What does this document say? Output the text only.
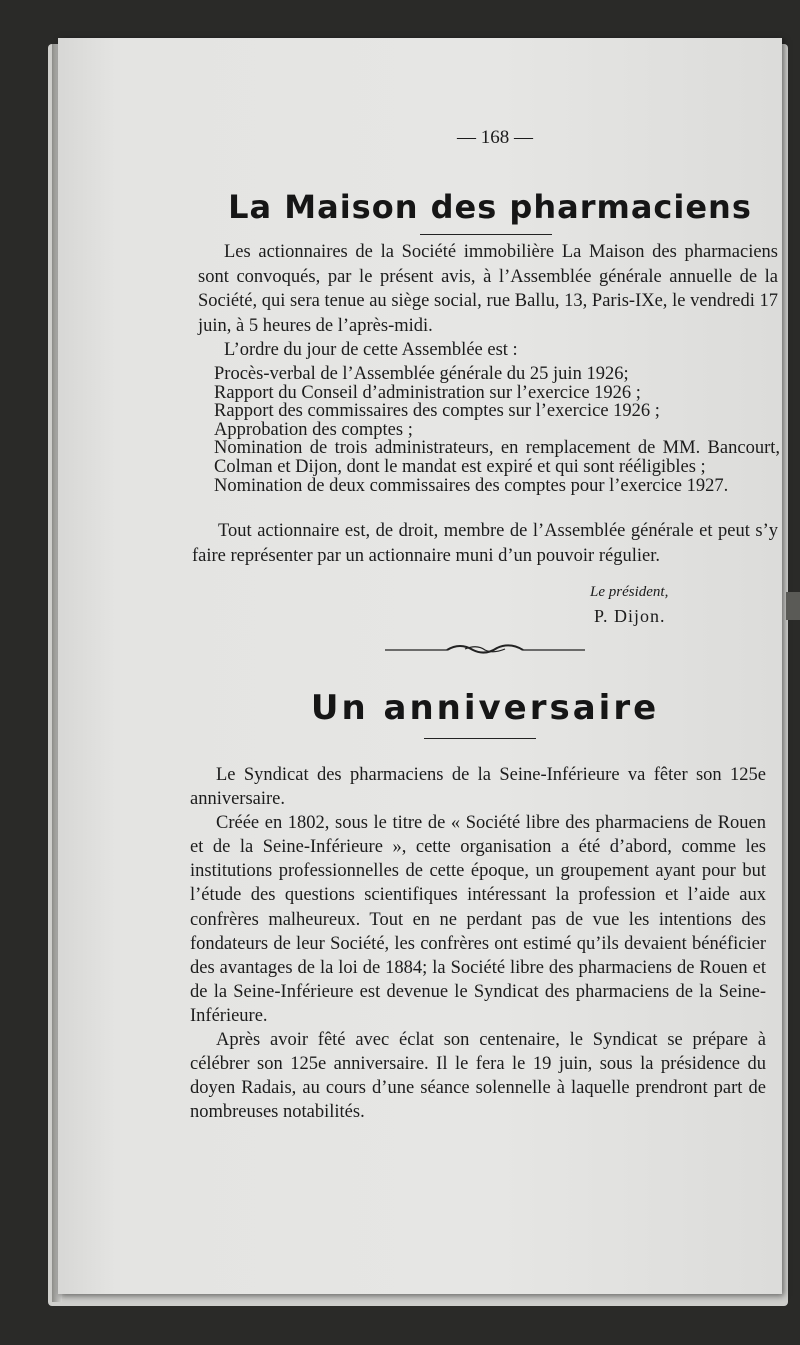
— 168 —
La Maison des pharmaciens
Les actionnaires de la Société immobilière La Maison des pharmaciens sont convoqués, par le présent avis, à l’Assemblée générale annuelle de la Société, qui sera tenue au siège social, rue Ballu, 13, Paris-IXe, le vendredi 17 juin, à 5 heures de l’après-midi.
L’ordre du jour de cette Assemblée est :
Procès-verbal de l’Assemblée générale du 25 juin 1926;
Rapport du Conseil d’administration sur l’exercice 1926 ;
Rapport des commissaires des comptes sur l’exercice 1926 ;
Approbation des comptes ;
Nomination de trois administrateurs, en remplacement de MM. Bancourt, Colman et Dijon, dont le mandat est expiré et qui sont rééligibles ;
Nomination de deux commissaires des comptes pour l’exercice 1927.
Tout actionnaire est, de droit, membre de l’Assemblée générale et peut s’y faire représenter par un actionnaire muni d’un pouvoir régulier.
Le président,
P. Dijon.
Un anniversaire
Le Syndicat des pharmaciens de la Seine-Inférieure va fêter son 125e anniversaire.
Créée en 1802, sous le titre de « Société libre des pharmaciens de Rouen et de la Seine-Inférieure », cette organisation a été d’abord, comme les institutions professionnelles de cette époque, un groupement ayant pour but l’étude des questions scientifiques intéressant la profession et l’aide aux confrères malheureux. Tout en ne perdant pas de vue les intentions des fondateurs de leur Société, les confrères ont estimé qu’ils devaient bénéficier des avantages de la loi de 1884; la Société libre des pharmaciens de Rouen et de la Seine-Inférieure est devenue le Syndicat des pharmaciens de la Seine-Inférieure.
Après avoir fêté avec éclat son centenaire, le Syndicat se prépare à célébrer son 125e anniversaire. Il le fera le 19 juin, sous la présidence du doyen Radais, au cours d’une séance solennelle à laquelle prendront part de nombreuses notabilités.
